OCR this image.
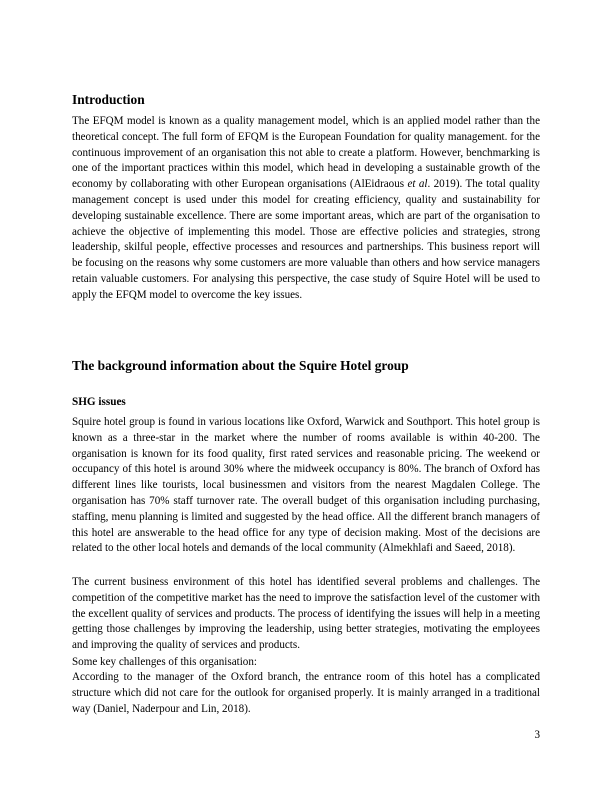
Introduction

The EFQM model is known as a quality management model, which is an applied model rather than the theoretical concept. The full form of EFQM is the European Foundation for quality management. for the continuous improvement of an organisation this not able to create a platform. However, benchmarking is one of the important practices within this model, which head in developing a sustainable growth of the economy by collaborating with other European organisations (AlEidraous et al. 2019). The total quality management concept is used under this model for creating efficiency, quality and sustainability for developing sustainable excellence. There are some important areas, which are part of the organisation to achieve the objective of implementing this model. Those are effective policies and strategies, strong leadership, skilful people, effective processes and resources and partnerships. This business report will be focusing on the reasons why some customers are more valuable than others and how service managers retain valuable customers. For analysing this perspective, the case study of Squire Hotel will be used to apply the EFQM model to overcome the key issues.

The background information about the Squire Hotel group
SHG issues

Squire hotel group is found in various locations like Oxford, Warwick and Southport. This hotel group is known as a three-star in the market where the number of rooms available is within 40-200. The organisation is known for its food quality, first rated services and reasonable pricing. The weekend or occupancy of this hotel is around 30% where the midweek occupancy is 80%. The branch of Oxford has different lines like tourists, local businessmen and visitors from the nearest Magdalen College. The organisation has 70% staff turnover rate. The overall budget of this organisation including purchasing, staffing, menu planning is limited and suggested by the head office. All the different branch managers of this hotel are answerable to the head office for any type of decision making. Most of the decisions are related to the other local hotels and demands of the local community (Almekhlafi and Saeed, 2018).

The current business environment of this hotel has identified several problems and challenges. The competition of the competitive market has the need to improve the satisfaction level of the customer with the excellent quality of services and products. The process of identifying the issues will help in a meeting getting those challenges by improving the leadership, using better strategies, motivating the employees and improving the quality of services and products.

Some key challenges of this organisation:

According to the manager of the Oxford branch, the entrance room of this hotel has a complicated structure which did not care for the outlook for organised properly. It is mainly arranged in a traditional way (Daniel, Naderpour and Lin, 2018).

3
